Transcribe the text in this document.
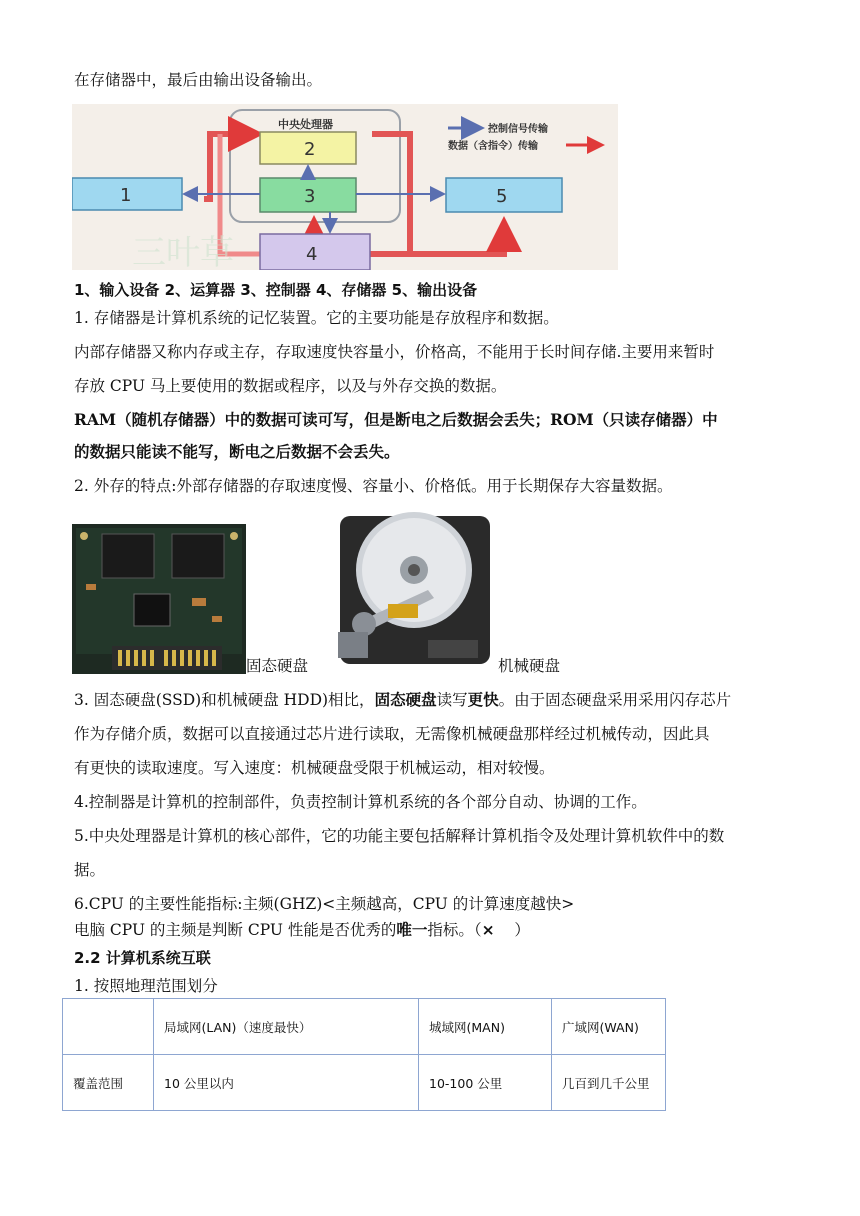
在存储器中，最后由输出设备输出。
中央处理器
2
3
1	5
4
控制信号传输
数据（含指令）传输
三叶草
1、输入设备 2、运算器 3、控制器 4、存储器 5、输出设备
1. 存储器是计算机系统的记忆装置。它的主要功能是存放程序和数据。
内部存储器又称内存或主存，存取速度快容量小，价格高，不能用于长时间存储.主要用来暂时
存放 CPU 马上要使用的数据或程序，以及与外存交换的数据。
RAM（随机存储器）中的数据可读可写，但是断电之后数据会丢失；ROM（只读存储器）中
的数据只能读不能写，断电之后数据不会丢失。
2. 外存的特点:外部存储器的存取速度慢、容量小、价格低。用于长期保存大容量数据。
固态硬盘	机械硬盘
3. 固态硬盘(SSD)和机械硬盘 HDD)相比，固态硬盘读写更快。由于固态硬盘采用采用闪存芯片
作为存储介质，数据可以直接通过芯片进行读取，无需像机械硬盘那样经过机械传动，因此具
有更快的读取速度。写入速度：机械硬盘受限于机械运动，相对较慢。
4.控制器是计算机的控制部件，负责控制计算机系统的各个部分自动、协调的工作。
5.中央处理器是计算机的核心部件，它的功能主要包括解释计算机指令及处理计算机软件中的数
据。
6.CPU 的主要性能指标:主频(GHZ)<主频越高，CPU 的计算速度越快>
电脑 CPU 的主频是判断 CPU 性能是否优秀的唯一指标。（×    ）
2.2 计算机系统互联
1. 按照地理范围划分
	局域网(LAN)（速度最快）	城域网(MAN)	广域网(WAN)
覆盖范围	10 公里以内	10-100 公里	几百到几千公里
